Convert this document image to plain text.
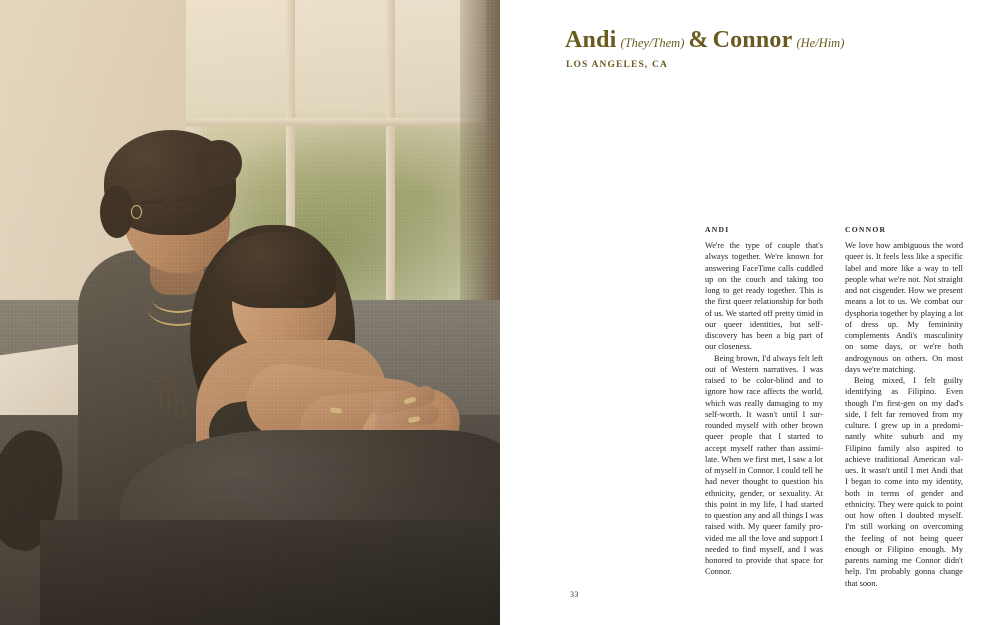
Andi (They/Them) & Connor (He/Him)
LOS ANGELES, CA
ANDI

We're the type of couple that's always together. We're known for answering FaceTime calls cuddled up on the couch and taking too long to get ready together. This is the first queer relationship for both of us. We started off pretty timid in our queer identities, but self-discovery has been a big part of our closeness.

Being brown, I'd always felt left out of Western narratives. I was raised to be color-blind and to ignore how race affects the world, which was really damaging to my self-worth. It wasn't until I sur-rounded myself with other brown queer people that I started to accept myself rather than assimi-late. When we first met, I saw a lot of myself in Connor. I could tell he had never thought to question his ethnicity, gender, or sexuality. At this point in my life, I had started to question any and all things I was raised with. My queer family pro-vided me all the love and support I needed to find myself, and I was honored to provide that space for Connor.

CONNOR

We love how ambiguous the word queer is. It feels less like a specific label and more like a way to tell people what we're not. Not straight and not cisgender. How we present means a lot to us. We combat our dysphoria together by playing a lot of dress up. My femininity complements Andi's masculinity on some days, or we're both androgynous on others. On most days we're matching.

Being mixed, I felt guilty identifying as Filipino. Even though I'm first-gen on my dad's side, I felt far removed from my culture. I grew up in a predomi-nantly white suburb and my Filipino family also aspired to achieve traditional American val-ues. It wasn't until I met Andi that I began to come into my identity, both in terms of gender and ethnicity. They were quick to point out how often I doubted myself. I'm still working on overcoming the feeling of not being queer enough or Filipino enough. My parents naming me Connor didn't help. I'm probably gonna change that soon.

33
